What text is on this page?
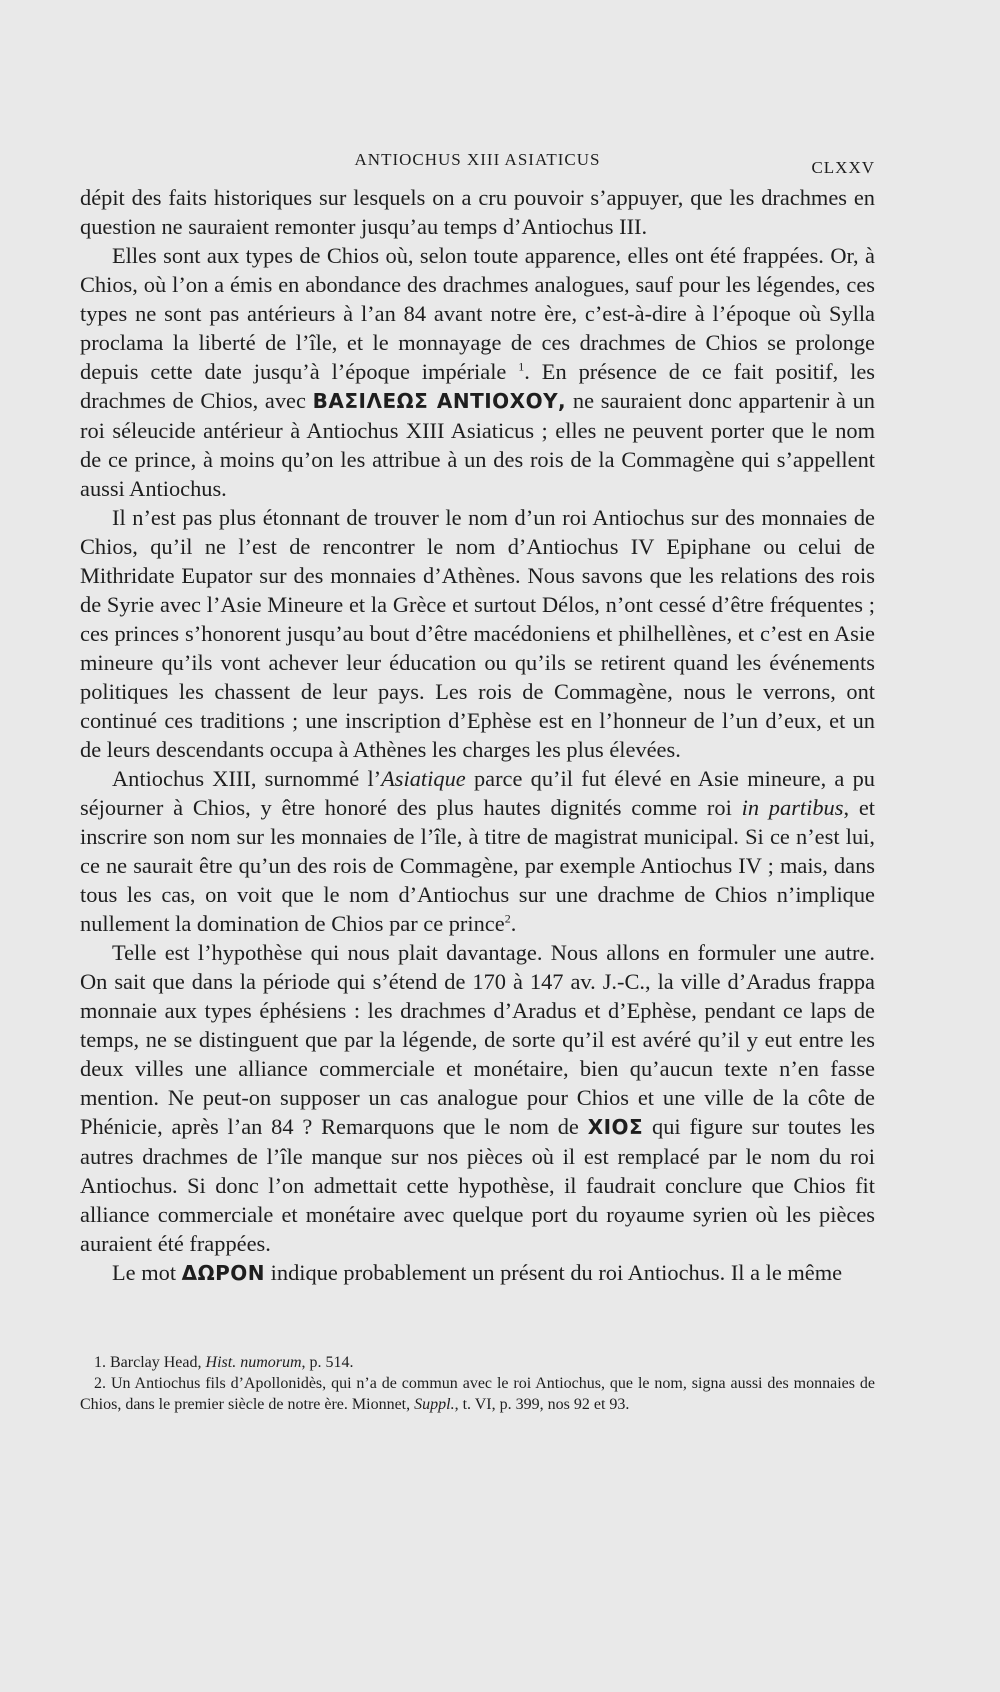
ANTIOCHUS XIII ASIATICUS	CLXXV

dépit des faits historiques sur lesquels on a cru pouvoir s’appuyer, que les drachmes en question ne sauraient remonter jusqu’au temps d’Antiochus III.

Elles sont aux types de Chios où, selon toute apparence, elles ont été frappées. Or, à Chios, où l’on a émis en abondance des drachmes analogues, sauf pour les légendes, ces types ne sont pas antérieurs à l’an 84 avant notre ère, c’est-à-dire à l’époque où Sylla proclama la liberté de l’île, et le monnayage de ces drachmes de Chios se prolonge depuis cette date jusqu’à l’époque impériale $^1$. En présence de ce fait positif, les drachmes de Chios, avec ΒΑΣΙΛΕΩΣ ΑΝΤΙΟΧΟΥ, ne sauraient donc appartenir à un roi séleucide antérieur à Antiochus XIII Asiaticus ; elles ne peuvent porter que le nom de ce prince, à moins qu’on les attribue à un des rois de la Commagène qui s’appellent aussi Antiochus.

Il n’est pas plus étonnant de trouver le nom d’un roi Antiochus sur des monnaies de Chios, qu’il ne l’est de rencontrer le nom d’Antiochus IV Epiphane ou celui de Mithridate Eupator sur des monnaies d’Athènes. Nous savons que les relations des rois de Syrie avec l’Asie Mineure et la Grèce et surtout Délos, n’ont cessé d’être fréquentes ; ces princes s’honorent jusqu’au bout d’être macédoniens et philhellènes, et c’est en Asie mineure qu’ils vont achever leur éducation ou qu’ils se retirent quand les événements politiques les chassent de leur pays. Les rois de Commagène, nous le verrons, ont continué ces traditions ; une inscription d’Ephèse est en l’honneur de l’un d’eux, et un de leurs descendants occupa à Athènes les charges les plus élevées.

Antiochus XIII, surnommé l’Asiatique parce qu’il fut élevé en Asie mineure, a pu séjourner à Chios, y être honoré des plus hautes dignités comme roi in partibus, et inscrire son nom sur les monnaies de l’île, à titre de magistrat municipal. Si ce n’est lui, ce ne saurait être qu’un des rois de Commagène, par exemple Antiochus IV ; mais, dans tous les cas, on voit que le nom d’Antiochus sur une drachme de Chios n’implique nullement la domination de Chios par ce prince$^2$.

Telle est l’hypothèse qui nous plait davantage. Nous allons en formuler une autre. On sait que dans la période qui s’étend de 170 à 147 av. J.-C., la ville d’Aradus frappa monnaie aux types éphésiens : les drachmes d’Aradus et d’Ephèse, pendant ce laps de temps, ne se distinguent que par la légende, de sorte qu’il est avéré qu’il y eut entre les deux villes une alliance commerciale et monétaire, bien qu’aucun texte n’en fasse mention. Ne peut-on supposer un cas analogue pour Chios et une ville de la côte de Phénicie, après l’an 84 ? Remarquons que le nom de ΧΙΟΣ qui figure sur toutes les autres drachmes de l’île manque sur nos pièces où il est remplacé par le nom du roi Antiochus. Si donc l’on admettait cette hypothèse, il faudrait conclure que Chios fit alliance commerciale et monétaire avec quelque port du royaume syrien où les pièces auraient été frappées.

Le mot ΔΩΡΟΝ indique probablement un présent du roi Antiochus. Il a le même

1. Barclay Head, Hist. numorum, p. 514.

2. Un Antiochus fils d’Apollonidès, qui n’a de commun avec le roi Antiochus, que le nom, signa aussi des monnaies de Chios, dans le premier siècle de notre ère. Mionnet, Suppl., t. VI, p. 399, nos 92 et 93.
